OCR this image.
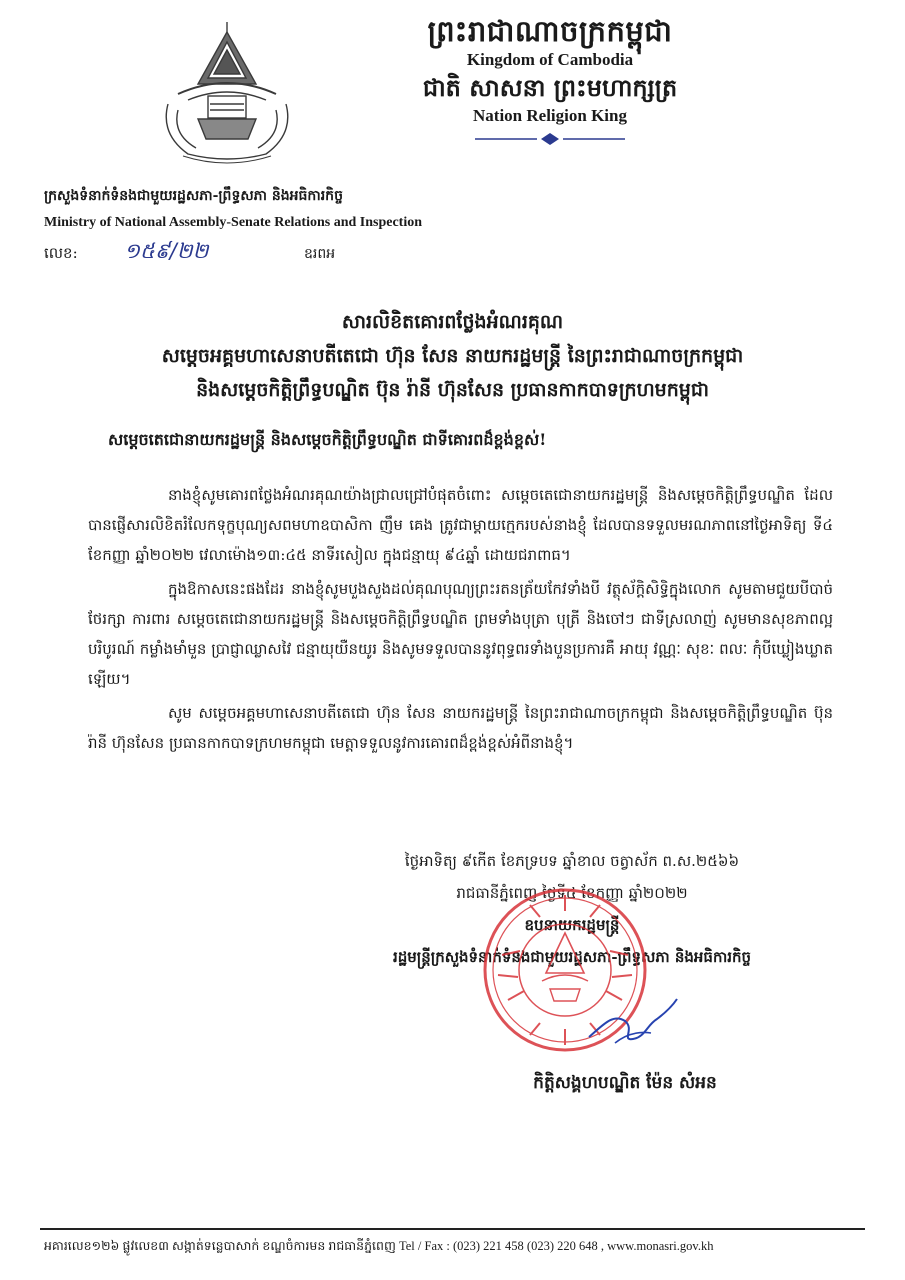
ព្រះរាជាណាចក្រកម្ពុជា
Kingdom of Cambodia
ជាតិ សាសនា ព្រះមហាក្សត្រ
Nation Religion King
ក្រសួងទំនាក់ទំនងជាមួយរដ្ឋសភា-ព្រឹទ្ធសភា និងអធិការកិច្ច
Ministry of National Assembly-Senate Relations and Inspection
លេខ:	១៥៩/២២	ឧរពអ
សារលិខិតគោរពថ្លែងអំណរគុណ
សម្ដេចអគ្គមហាសេនាបតីតេជោ ហ៊ុន សែន នាយករដ្ឋមន្ត្រី នៃព្រះរាជាណាចក្រកម្ពុជា
និងសម្ដេចកិត្តិព្រឹទ្ធបណ្ឌិត ប៊ុន រ៉ានី ហ៊ុនសែន ប្រធានកាកបាទក្រហមកម្ពុជា
សម្ដេចតេជោនាយករដ្ឋមន្ត្រី និងសម្ដេចកិត្តិព្រឹទ្ធបណ្ឌិត ជាទីគោរពដ៏ខ្ពង់ខ្ពស់!

នាងខ្ញុំសូមគោរពថ្លែងអំណរគុណយ៉ាងជ្រាលជ្រៅបំផុតចំពោះ សម្ដេចតេជោនាយករដ្ឋមន្ត្រី និងសម្ដេចកិត្តិព្រឹទ្ធបណ្ឌិត ដែលបានផ្ញើសារលិខិតរំលែកទុក្ខបុណ្យសពមហាឧបាសិកា ញឹម គេង ត្រូវជាម្ដាយក្មេករបស់នាងខ្ញុំ ដែលបានទទួលមរណភាពនៅថ្ងៃអាទិត្យ ទី៤ ខែកញ្ញា ឆ្នាំ២០២២ វេលាម៉ោង១៣:៤៥ នាទីរសៀល ក្នុងជន្មាយុ ៩៤ឆ្នាំ ដោយជរាពាធ។

ក្នុងឱកាសនេះផងដែរ នាងខ្ញុំសូមបួងសួងដល់គុណបុណ្យព្រះរតនត្រ័យកែវទាំងបី វត្ថុស័ក្ដិសិទ្ធិក្នុងលោក សូមតាមជួយបីបាច់ថែរក្សា ការពារ សម្ដេចតេជោនាយករដ្ឋមន្ត្រី និងសម្ដេចកិត្តិព្រឹទ្ធបណ្ឌិត ព្រមទាំងបុត្រា បុត្រី និងចៅៗ ជាទីស្រលាញ់ សូមមានសុខភាពល្អបរិបូរណ៍ កម្លាំងមាំមួន ប្រាជ្ញាឈ្លាសវៃ ជន្មាយុយឺនយូរ និងសូមទទួលបាននូវពុទ្ធពរទាំងបួនប្រការគឺ អាយុ វណ្ណៈ សុខៈ ពលៈ កុំបីឃ្លៀងឃ្លាតឡើយ។

សូម សម្ដេចអគ្គមហាសេនាបតីតេជោ ហ៊ុន សែន នាយករដ្ឋមន្ត្រី នៃព្រះរាជាណាចក្រកម្ពុជា និងសម្ដេចកិត្តិព្រឹទ្ធបណ្ឌិត ប៊ុន រ៉ានី ហ៊ុនសែន ប្រធានកាកបាទក្រហមកម្ពុជា មេត្តាទទួលនូវការគោរពដ៏ខ្ពង់ខ្ពស់អំពីនាងខ្ញុំ។

ថ្ងៃអាទិត្យ ៩កើត ខែភទ្របទ ឆ្នាំខាល ចត្វាស័ក ព.ស.២៥៦៦
រាជធានីភ្នំពេញ ថ្ងៃទី៤ ខែកញ្ញា ឆ្នាំ២០២២
ឧបនាយករដ្ឋមន្ត្រី
រដ្ឋមន្ត្រីក្រសួងទំនាក់ទំនងជាមួយរដ្ឋសភា-ព្រឹទ្ធសភា និងអធិការកិច្ច
កិត្តិសង្គហបណ្ឌិត ម៉ែន សំអន
អគារលេខ១២៦ ផ្លូវលេខ៣ សង្កាត់ទន្លេបាសាក់ ខណ្ឌចំការមន រាជធានីភ្នំពេញ Tel / Fax : (023) 221 458 (023) 220 648 , www.monasri.gov.kh
